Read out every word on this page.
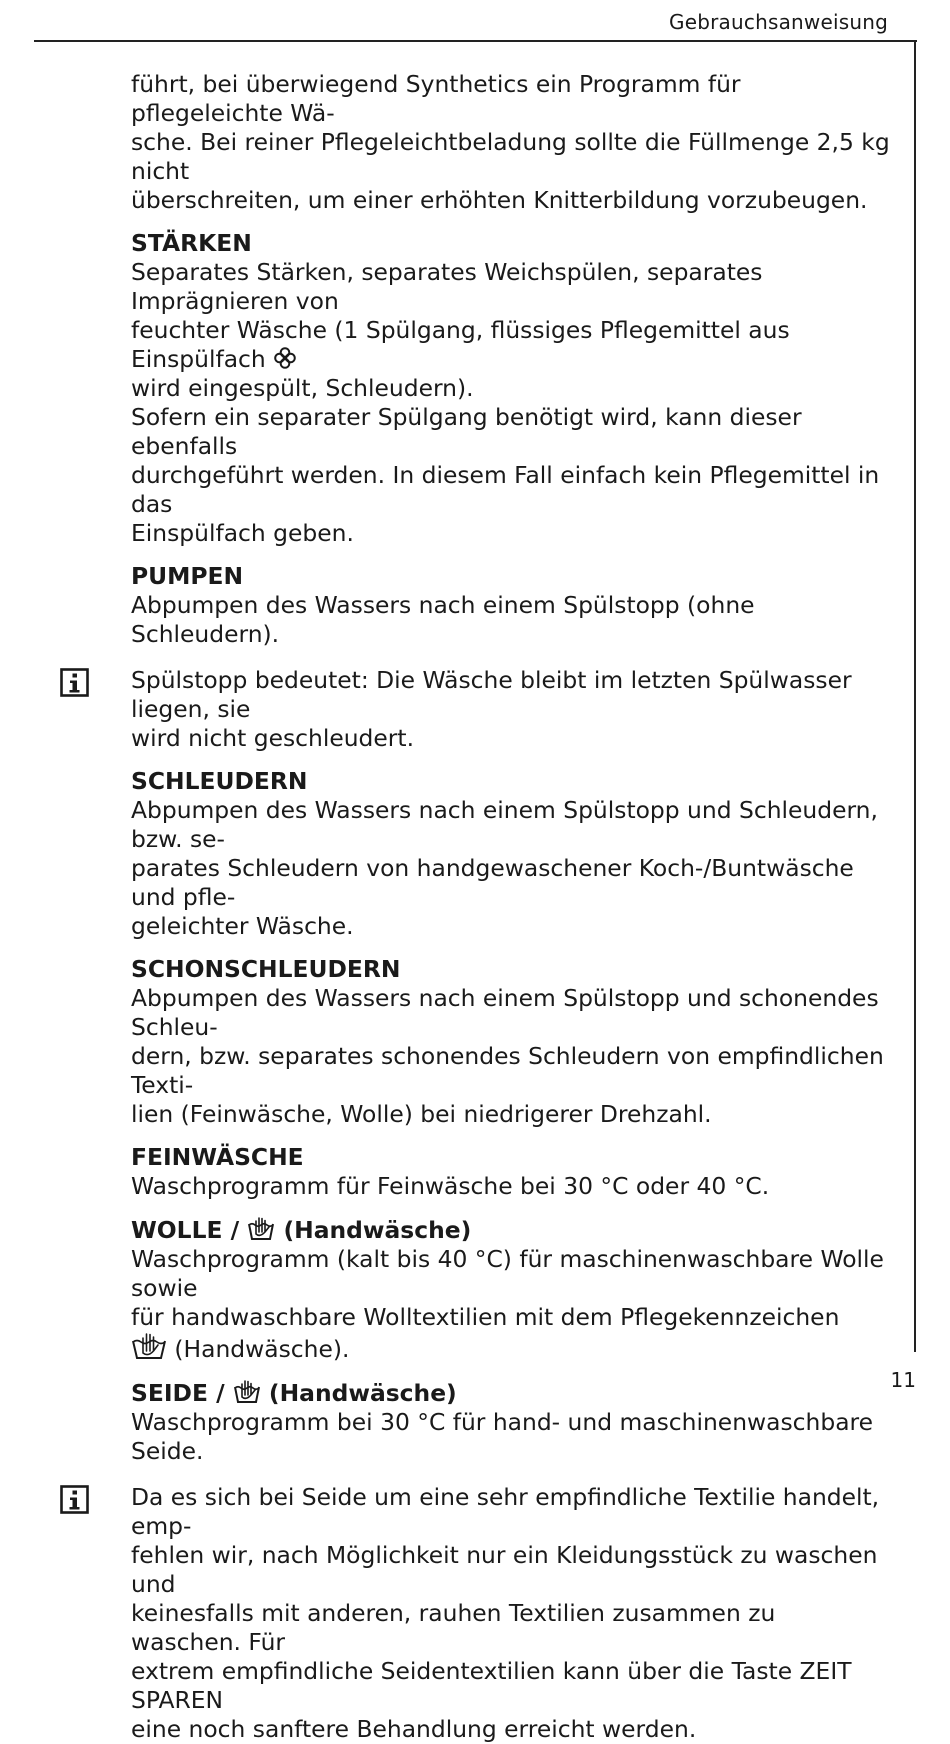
Gebrauchsanweisung
11

führt, bei überwiegend Synthetics ein Programm für pflegeleichte Wä-
sche. Bei reiner Pflegeleichtbeladung sollte die Füllmenge 2,5 kg nicht
überschreiten, um einer erhöhten Knitterbildung vorzubeugen.

STÄRKEN

Separates Stärken, separates Weichspülen, separates Imprägnieren von
feuchter Wäsche (1 Spülgang, flüssiges Pflegemittel aus Einspülfach
wird eingespült, Schleudern).
Sofern ein separater Spülgang benötigt wird, kann dieser ebenfalls
durchgeführt werden. In diesem Fall einfach kein Pflegemittel in das
Einspülfach geben.

PUMPEN

Abpumpen des Wassers nach einem Spülstopp (ohne Schleudern).

Spülstopp bedeutet: Die Wäsche bleibt im letzten Spülwasser liegen, sie
wird nicht geschleudert.

SCHLEUDERN

Abpumpen des Wassers nach einem Spülstopp und Schleudern, bzw. se-
parates Schleudern von handgewaschener Koch-/Buntwäsche und pfle-
geleichter Wäsche.

SCHONSCHLEUDERN

Abpumpen des Wassers nach einem Spülstopp und schonendes Schleu-
dern, bzw. separates schonendes Schleudern von empfindlichen Texti-
lien (Feinwäsche, Wolle) bei niedrigerer Drehzahl.

FEINWÄSCHE

Waschprogramm für Feinwäsche bei 30 °C oder 40 °C.

WOLLE /  (Handwäsche)

Waschprogramm (kalt bis 40 °C) für maschinenwaschbare Wolle sowie
für handwaschbare Wolltextilien mit dem Pflegekennzeichen
(Handwäsche).

SEIDE /  (Handwäsche)

Waschprogramm bei 30 °C für hand- und maschinenwaschbare Seide.

Da es sich bei Seide um eine sehr empfindliche Textilie handelt, emp-
fehlen wir, nach Möglichkeit nur ein Kleidungsstück zu waschen und
keinesfalls mit anderen, rauhen Textilien zusammen zu waschen. Für
extrem empfindliche Seidentextilien kann über die Taste ZEIT SPAREN
eine noch sanftere Behandlung erreicht werden.
